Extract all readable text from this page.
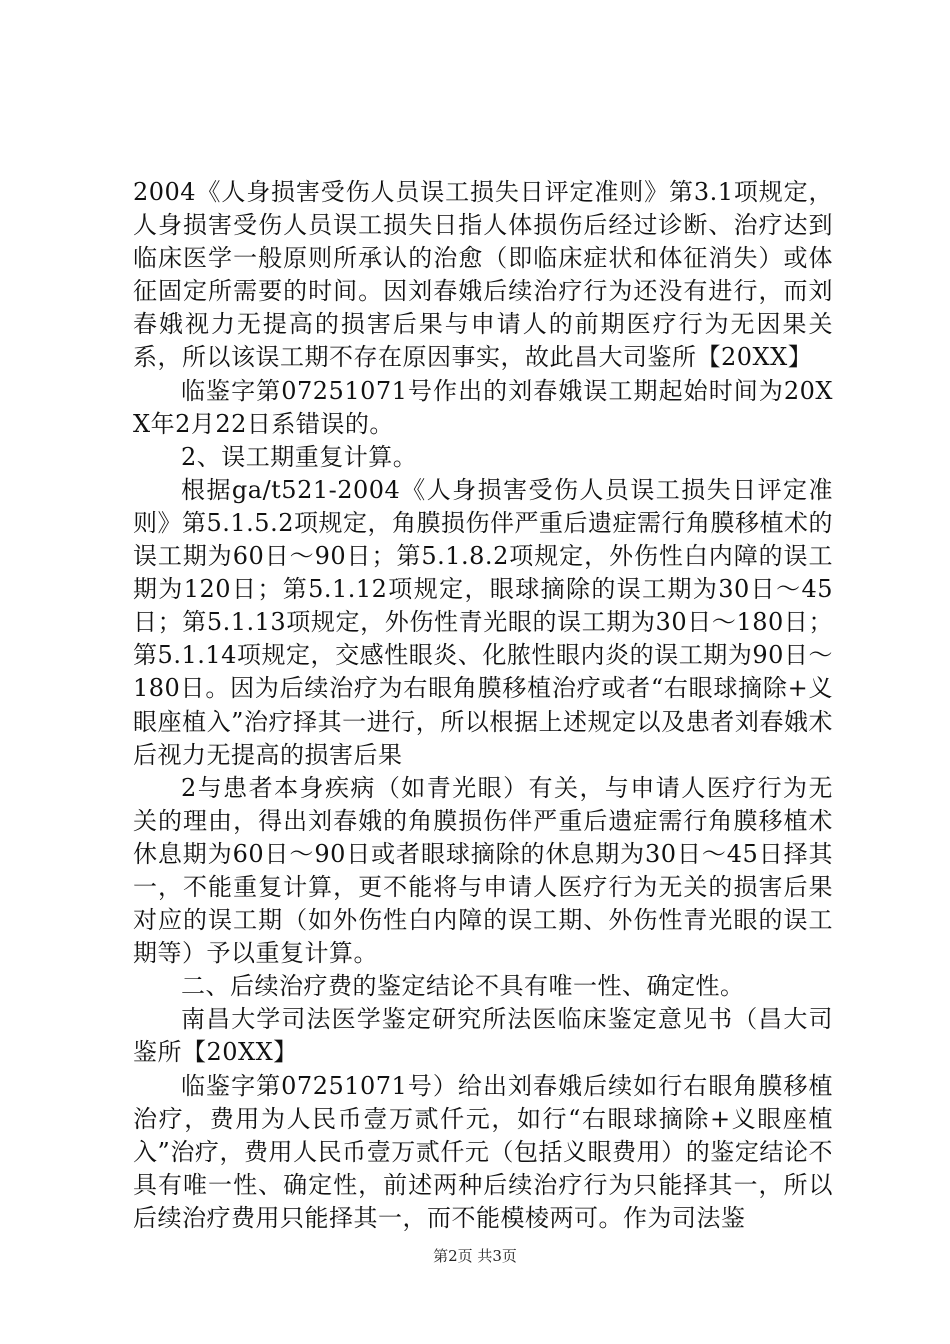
2004《人身损害受伤人员误工损失日评定准则》第3.1项规定，人身损害受伤人员误工损失日指人体损伤后经过诊断、治疗达到临床医学一般原则所承认的治愈（即临床症状和体征消失）或体征固定所需要的时间。因刘春娥后续治疗行为还没有进行，而刘春娥视力无提高的损害后果与申请人的前期医疗行为无因果关系，所以该误工期不存在原因事实，故此昌大司鉴所【20XX】

临鉴字第07251071号作出的刘春娥误工期起始时间为20XX年2月22日系错误的。

2、误工期重复计算。

根据ga/t521-2004《人身损害受伤人员误工损失日评定准则》第5.1.5.2项规定，角膜损伤伴严重后遗症需行角膜移植术的误工期为60日～90日；第5.1.8.2项规定，外伤性白内障的误工期为120日；第5.1.12项规定，眼球摘除的误工期为30日～45日；第5.1.13项规定，外伤性青光眼的误工期为30日～180日；第5.1.14项规定，交感性眼炎、化脓性眼内炎的误工期为90日～180日。因为后续治疗为右眼角膜移植治疗或者“右眼球摘除+义眼座植入”治疗择其一进行，所以根据上述规定以及患者刘春娥术后视力无提高的损害后果

2与患者本身疾病（如青光眼）有关，与申请人医疗行为无关的理由，得出刘春娥的角膜损伤伴严重后遗症需行角膜移植术休息期为60日～90日或者眼球摘除的休息期为30日～45日择其一，不能重复计算，更不能将与申请人医疗行为无关的损害后果对应的误工期（如外伤性白内障的误工期、外伤性青光眼的误工期等）予以重复计算。

二、后续治疗费的鉴定结论不具有唯一性、确定性。

南昌大学司法医学鉴定研究所法医临床鉴定意见书（昌大司鉴所【20XX】

临鉴字第07251071号）给出刘春娥后续如行右眼角膜移植治疗，费用为人民币壹万贰仟元，如行“右眼球摘除+义眼座植入”治疗，费用人民币壹万贰仟元（包括义眼费用）的鉴定结论不具有唯一性、确定性，前述两种后续治疗行为只能择其一，所以后续治疗费用只能择其一，而不能模棱两可。作为司法鉴

第2页 共3页
